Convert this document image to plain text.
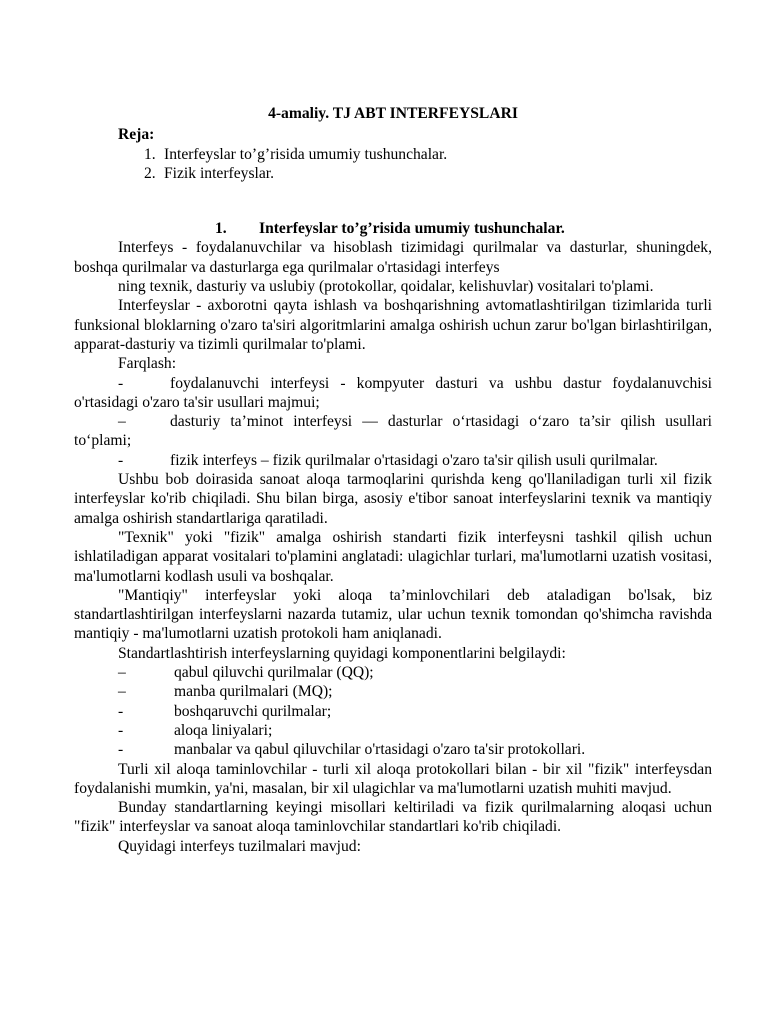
4-amaliy. TJ ABT INTERFEYSLARI
Reja:
1. Interfeyslar to’g’risida umumiy tushunchalar.
2. Fizik interfeyslar.
1.	Interfeyslar to’g’risida umumiy tushunchalar.

Interfeys - foydalanuvchilar va hisoblash tizimidagi qurilmalar va dasturlar, shuningdek, boshqa qurilmalar va dasturlarga ega qurilmalar o'rtasidagi interfeys

ning texnik, dasturiy va uslubiy (protokollar, qoidalar, kelishuvlar) vositalari to'plami.

Interfeyslar - axborotni qayta ishlash va boshqarishning avtomatlashtirilgan tizimlarida turli funksional bloklarning o'zaro ta'siri algoritmlarini amalga oshirish uchun zarur bo'lgan birlashtirilgan, apparat-dasturiy va tizimli qurilmalar to'plami.

Farqlash:

-	foydalanuvchi interfeysi - kompyuter dasturi va ushbu dastur foydalanuvchisi o'rtasidagi o'zaro ta'sir usullari majmui;
–	dasturiy ta’minot interfeysi — dasturlar o‘rtasidagi o‘zaro ta’sir qilish usullari to‘plami;
-	fizik interfeys – fizik qurilmalar o'rtasidagi o'zaro ta'sir qilish usuli qurilmalar.

Ushbu bob doirasida sanoat aloqa tarmoqlarini qurishda keng qo'llaniladigan turli xil fizik interfeyslar ko'rib chiqiladi. Shu bilan birga, asosiy e'tibor sanoat interfeyslarini texnik va mantiqiy amalga oshirish standartlariga qaratiladi.

"Texnik" yoki "fizik" amalga oshirish standarti fizik interfeysni tashkil qilish uchun ishlatiladigan apparat vositalari to'plamini anglatadi: ulagichlar turlari, ma'lumotlarni uzatish vositasi, ma'lumotlarni kodlash usuli va boshqalar.

"Mantiqiy" interfeyslar yoki aloqa ta’minlovchilari deb ataladigan bo'lsak, biz standartlashtirilgan interfeyslarni nazarda tutamiz, ular uchun texnik tomondan qo'shimcha ravishda mantiqiy - ma'lumotlarni uzatish protokoli ham aniqlanadi.

Standartlashtirish interfeyslarning quyidagi komponentlarini belgilaydi:

–	qabul qiluvchi qurilmalar (QQ);
–	manba qurilmalari (MQ);
-	boshqaruvchi qurilmalar;
-	aloqa liniyalari;
-	manbalar va qabul qiluvchilar o'rtasidagi o'zaro ta'sir protokollari.

Turli xil aloqa taminlovchilar - turli xil aloqa protokollari bilan - bir xil "fizik" interfeysdan foydalanishi mumkin, ya'ni, masalan, bir xil ulagichlar va ma'lumotlarni uzatish muhiti mavjud.

Bunday standartlarning keyingi misollari keltiriladi va fizik qurilmalarning aloqasi uchun "fizik" interfeyslar va sanoat aloqa taminlovchilar standartlari ko'rib chiqiladi.

Quyidagi interfeys tuzilmalari mavjud:
